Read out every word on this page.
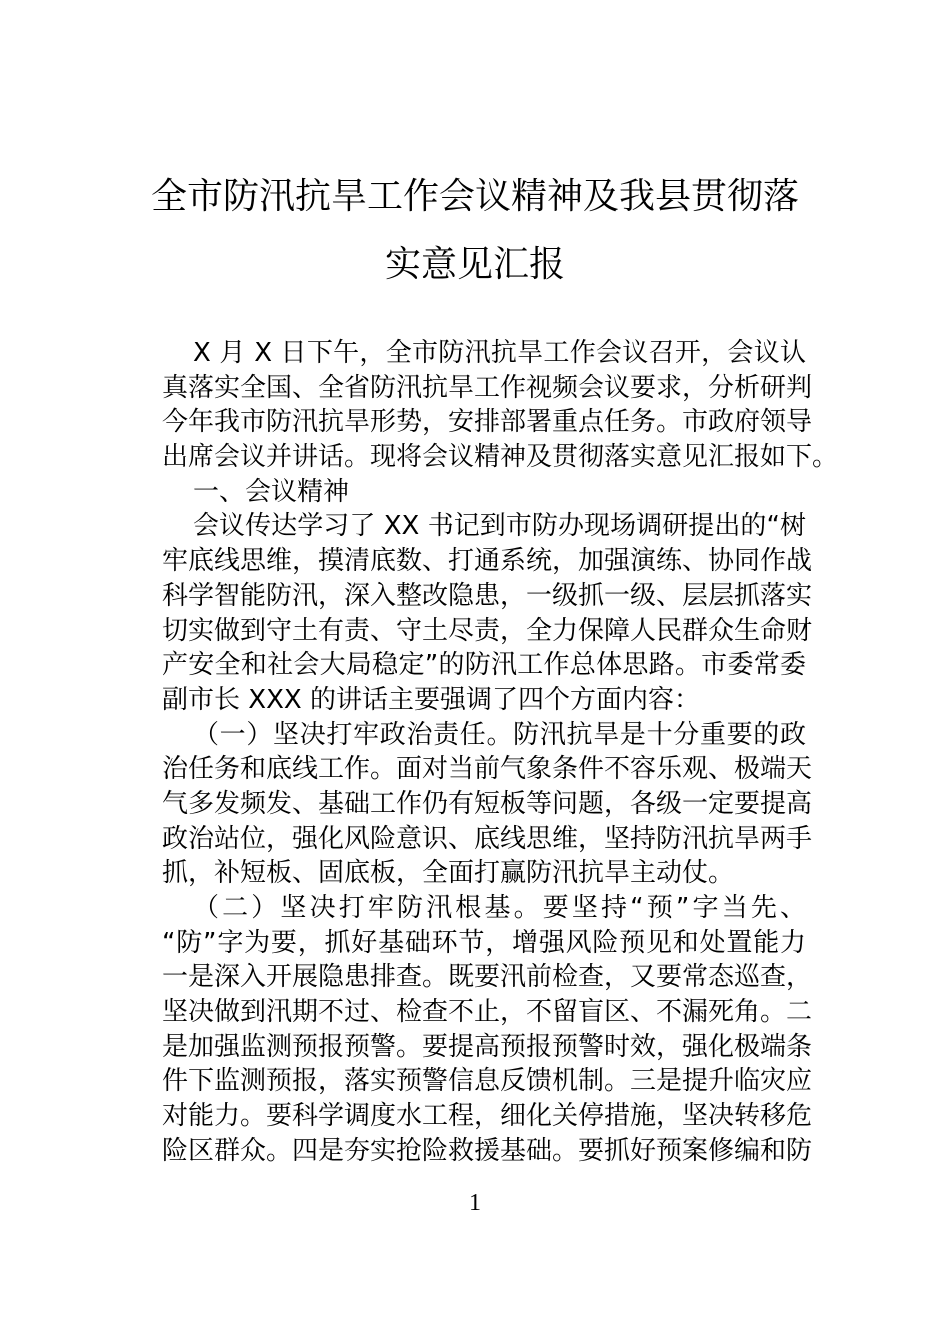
全市防汛抗旱工作会议精神及我县贯彻落
实意见汇报
X 月 X 日下午，全市防汛抗旱工作会议召开，会议认
真落实全国、全省防汛抗旱工作视频会议要求，分析研判
今年我市防汛抗旱形势，安排部署重点任务。市政府领导
出席会议并讲话。现将会议精神及贯彻落实意见汇报如下。
一、会议精神
会议传达学习了 XX 书记到市防办现场调研提出的“树
牢底线思维，摸清底数、打通系统，加强演练、协同作战
科学智能防汛，深入整改隐患，一级抓一级、层层抓落实
切实做到守土有责、守土尽责，全力保障人民群众生命财
产安全和社会大局稳定”的防汛工作总体思路。市委常委
副市长 XXX 的讲话主要强调了四个方面内容：
（一）坚决打牢政治责任。防汛抗旱是十分重要的政
治任务和底线工作。面对当前气象条件不容乐观、极端天
气多发频发、基础工作仍有短板等问题，各级一定要提高
政治站位，强化风险意识、底线思维，坚持防汛抗旱两手
抓，补短板、固底板，全面打赢防汛抗旱主动仗。
（二）坚决打牢防汛根基。要坚持“预”字当先、
“防”字为要，抓好基础环节，增强风险预见和处置能力
一是深入开展隐患排查。既要汛前检查，又要常态巡查，
坚决做到汛期不过、检查不止，不留盲区、不漏死角。二
是加强监测预报预警。要提高预报预警时效，强化极端条
件下监测预报，落实预警信息反馈机制。三是提升临灾应
对能力。要科学调度水工程，细化关停措施，坚决转移危
险区群众。四是夯实抢险救援基础。要抓好预案修编和防
1
